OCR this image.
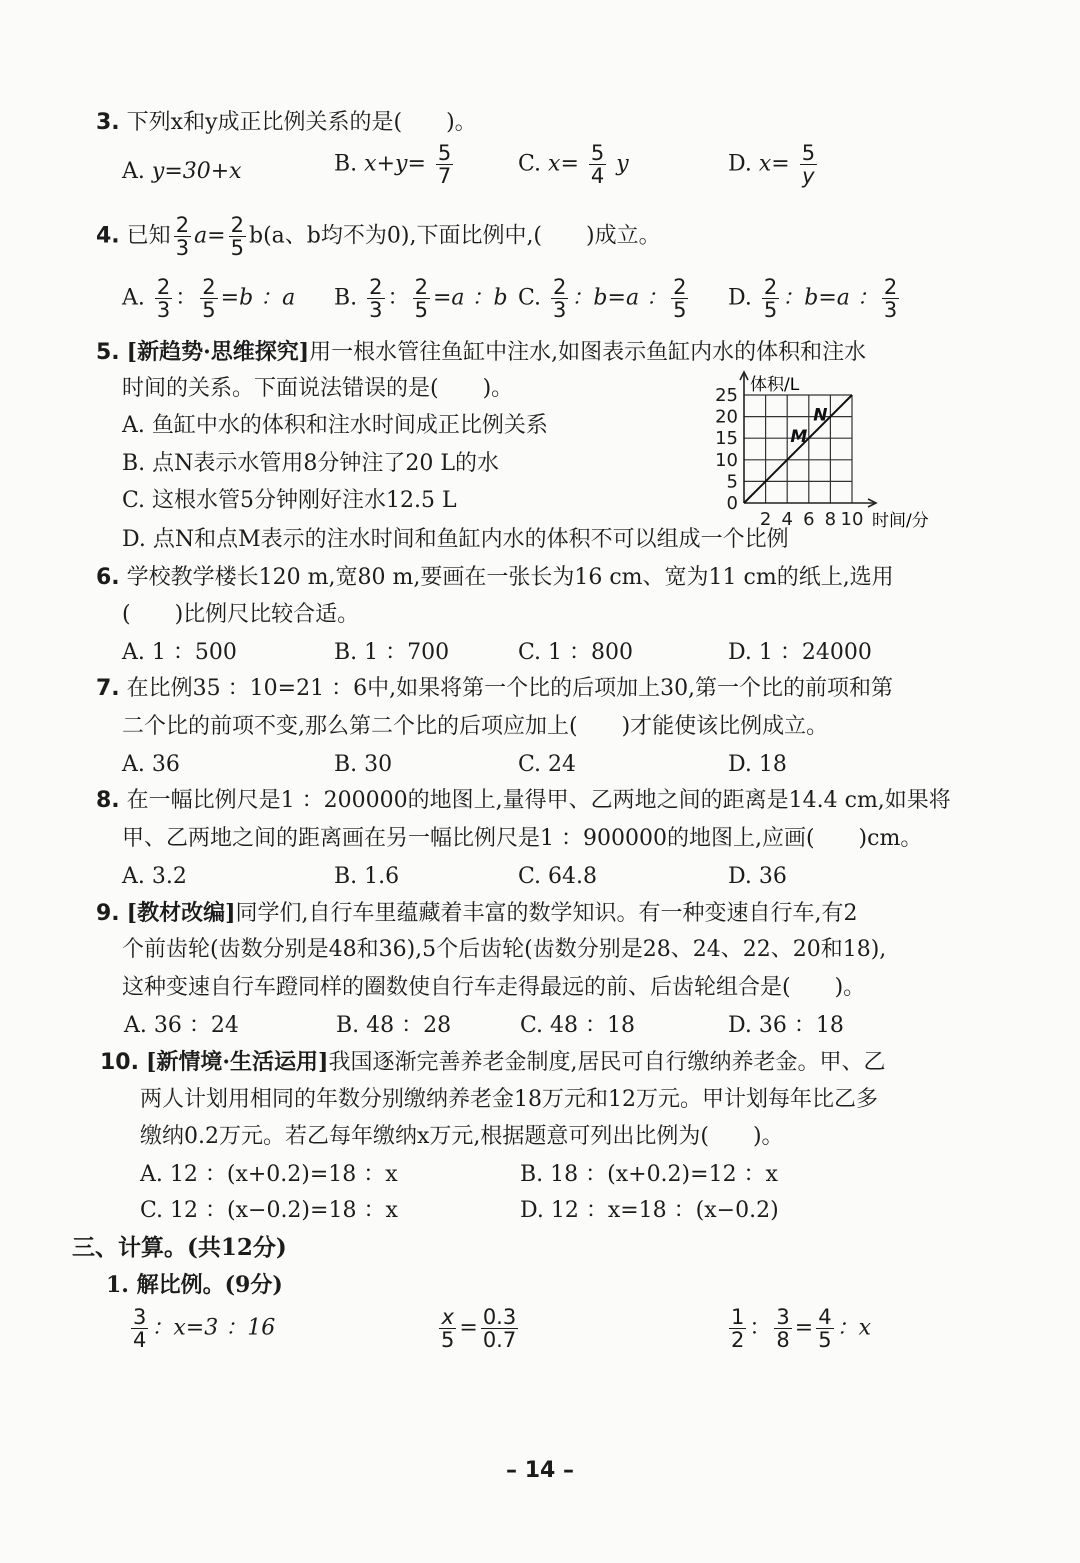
3. 下列x和y成正比例关系的是(　　)。
A. y=30+x	B. $x+y= \frac{5}{7}$	C. $x= \frac{5}{4}$ y	D. $x= \frac{5}{y}$
4. 已知 $\frac{2}{3} a= \frac{2}{5} b(a$、b均不为0),下面比例中,(　　)成立。
A. $\frac{2}{3}$ ： $\frac{2}{5} =b$ ：a B. $\frac{2}{3}$ ： $\frac{2}{5} =a$ ：b C. $\frac{2}{3}$ ：b=a ： $\frac{2}{5} D$. $\frac{2}{5}$ ：b=a ： $\frac{2}{3}$
5. [新趋势·思维探究]用一根水管往鱼缸中注水,如图表示鱼缸内水的体积和注水
时间的关系。下面说法错误的是(　　)。
A. 鱼缸中水的体积和注水时间成正比例关系
B. 点N表示水管用8分钟注了20 L的水
C. 这根水管5分钟刚好注水12.5 L
D. 点N和点M表示的注水时间和鱼缸内水的体积不可以组成一个比例
25
20
15
10
5
0
2 4 6 8 10
M
N
体积/L
时间/分
6. 学校教学楼长120 m,宽80 m,要画在一张长为16 cm、宽为11 cm的纸上,选用
(　　)比例尺比较合适。
A. 1 ：500	B. 1 ：700	C. 1 ：800	D. 1 ：24000
7. 在比例35 ：10=21 ：6中,如果将第一个比的后项加上30,第一个比的前项和第
二个比的前项不变,那么第二个比的后项应加上(　　)才能使该比例成立。
A. 36	B. 30	C. 24	D. 18
8. 在一幅比例尺是1 ：200000的地图上,量得甲、乙两地之间的距离是14.4 cm,如果将
甲、乙两地之间的距离画在另一幅比例尺是1 ：900000的地图上,应画(　　)cm。
A. 3.2	B. 1.6	C. 64.8	D. 36
9. [教材改编]同学们,自行车里蕴藏着丰富的数学知识。有一种变速自行车,有2
个前齿轮(齿数分别是48和36),5个后齿轮(齿数分别是28、24、22、20和18),
这种变速自行车蹬同样的圈数使自行车走得最远的前、后齿轮组合是(　　)。
A. 36 ：24	B. 48 ：28	C. 48 ：18	D. 36 ：18
10. [新情境·生活运用]我国逐渐完善养老金制度,居民可自行缴纳养老金。甲、乙
两人计划用相同的年数分别缴纳养老金18万元和12万元。甲计划每年比乙多
缴纳0.2万元。若乙每年缴纳x万元,根据题意可列出比例为(　　)。
A. 12 ：(x+0.2)=18 ：x	B. 18 ：(x+0.2)=12 ：x
C. 12 ：(x−0.2)=18 ：x	D. 12 ：x=18 ：(x−0.2)
三、计算。(共12分)
1. 解比例。(9分)
$\frac{3}{4}$ ：x=3 ：16	$\frac{x}{5} = \frac{0.3}{0.7}$	$\frac{1}{2}$ ： $\frac{3}{8} = \frac{4}{5}$ ：x
– 14 –
